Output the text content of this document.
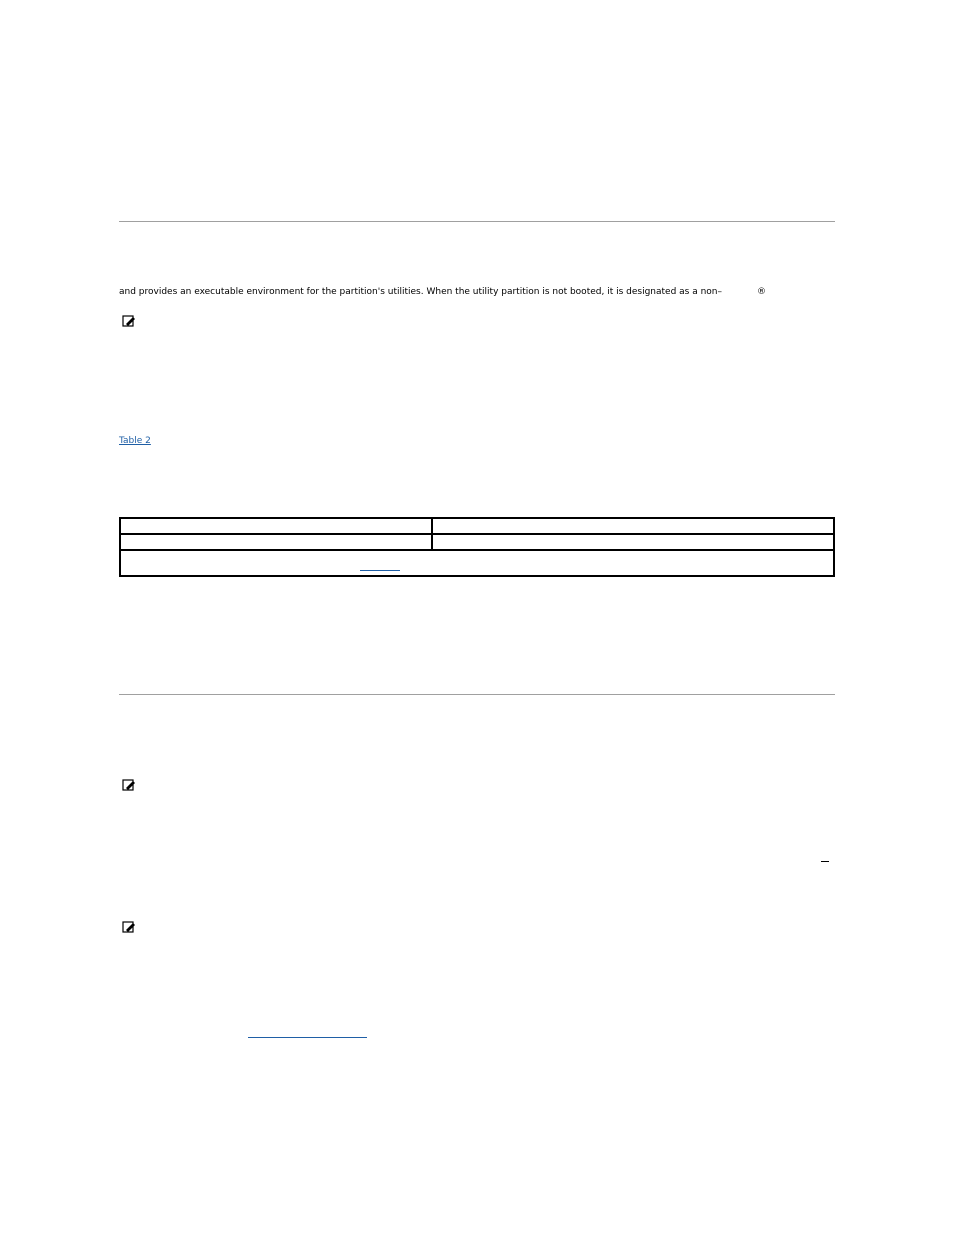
and provides an executable environment for the partition's utilities. When the utility partition is not booted, it is designated as a non–	®
Table 2
